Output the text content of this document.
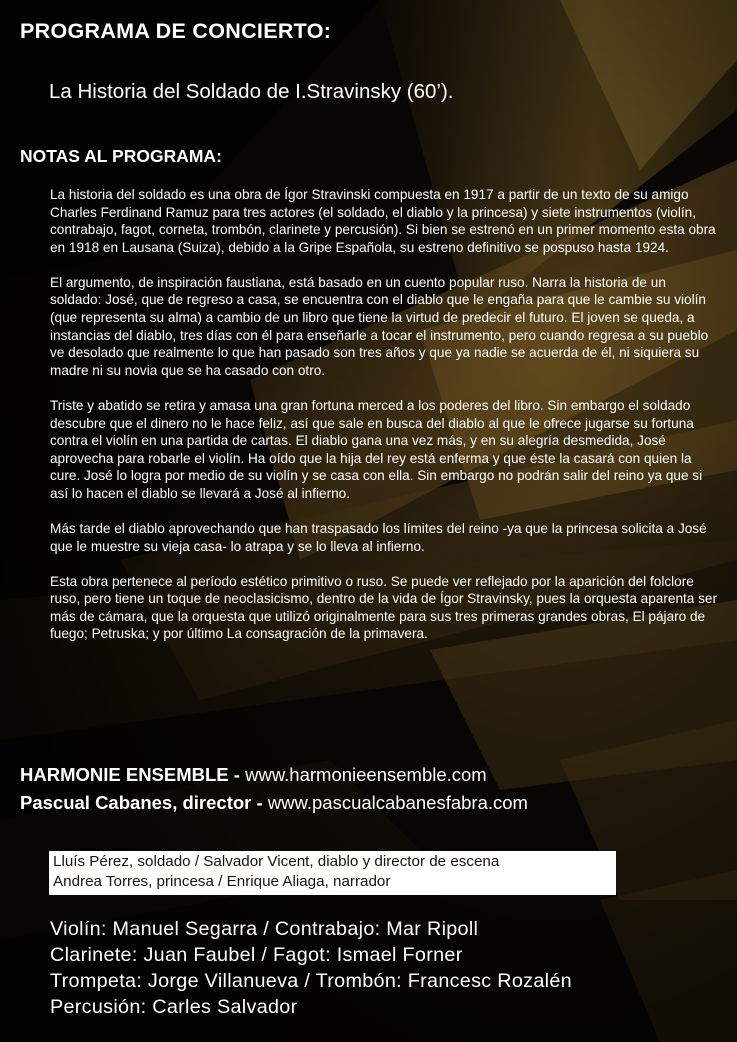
PROGRAMA DE CONCIERTO:
La Historia del Soldado de I.Stravinsky (60’).
NOTAS AL PROGRAMA:

La historia del soldado es una obra de Ígor Stravinski compuesta en 1917 a partir de un texto de su amigo Charles Ferdinand Ramuz para tres actores (el soldado, el diablo y la princesa) y siete instrumentos (violín, contrabajo, fagot, corneta, trombón, clarinete y percusión). Si bien se estrenó en un primer momento esta obra en 1918 en Lausana (Suiza), debido a la Gripe Española, su estreno definitivo se pospuso hasta 1924.

El argumento, de inspiración faustiana, está basado en un cuento popular ruso. Narra la historia de un soldado: José, que de regreso a casa, se encuentra con el diablo que le engaña para que le cambie su violín (que representa su alma) a cambio de un libro que tiene la virtud de predecir el futuro. El joven se queda, a instancias del diablo, tres días con él para enseñarle a tocar el instrumento, pero cuando regresa a su pueblo ve desolado que realmente lo que han pasado son tres años y que ya nadie se acuerda de él, ni siquiera su madre ni su novia que se ha casado con otro.

Triste y abatido se retira y amasa una gran fortuna merced a los poderes del libro. Sin embargo el soldado descubre que el dinero no le hace feliz, así que sale en busca del diablo al que le ofrece jugarse su fortuna contra el violín en una partida de cartas. El diablo gana una vez más, y en su alegría desmedida, José aprovecha para robarle el violín. Ha oído que la hija del rey está enferma y que éste la casará con quien la cure. José lo logra por medio de su violín y se casa con ella. Sin embargo no podrán salir del reino ya que si así lo hacen el diablo se llevará a José al infierno.

Más tarde el diablo aprovechando que han traspasado los límites del reino -ya que la princesa solicita a José que le muestre su vieja casa- lo atrapa y se lo lleva al infierno.

Esta obra pertenece al período estético primitivo o ruso. Se puede ver reflejado por la aparición del folclore ruso, pero tiene un toque de neoclasicismo, dentro de la vida de Ígor Stravinsky, pues la orquesta aparenta ser más de cámara, que la orquesta que utilizó originalmente para sus tres primeras grandes obras, El pájaro de fuego; Petruska; y por último La consagración de la primavera.

HARMONIE ENSEMBLE - www.harmonieensemble.com
Pascual Cabanes, director - www.pascualcabanesfabra.com
Lluís Pérez, soldado / Salvador Vicent, diablo y director de escena
Andrea Torres, princesa / Enrique Aliaga, narrador
Violín: Manuel Segarra / Contrabajo: Mar Ripoll
Clarinete: Juan Faubel / Fagot: Ismael Forner
Trompeta: Jorge Villanueva / Trombón: Francesc Rozalén
Percusión: Carles Salvador
